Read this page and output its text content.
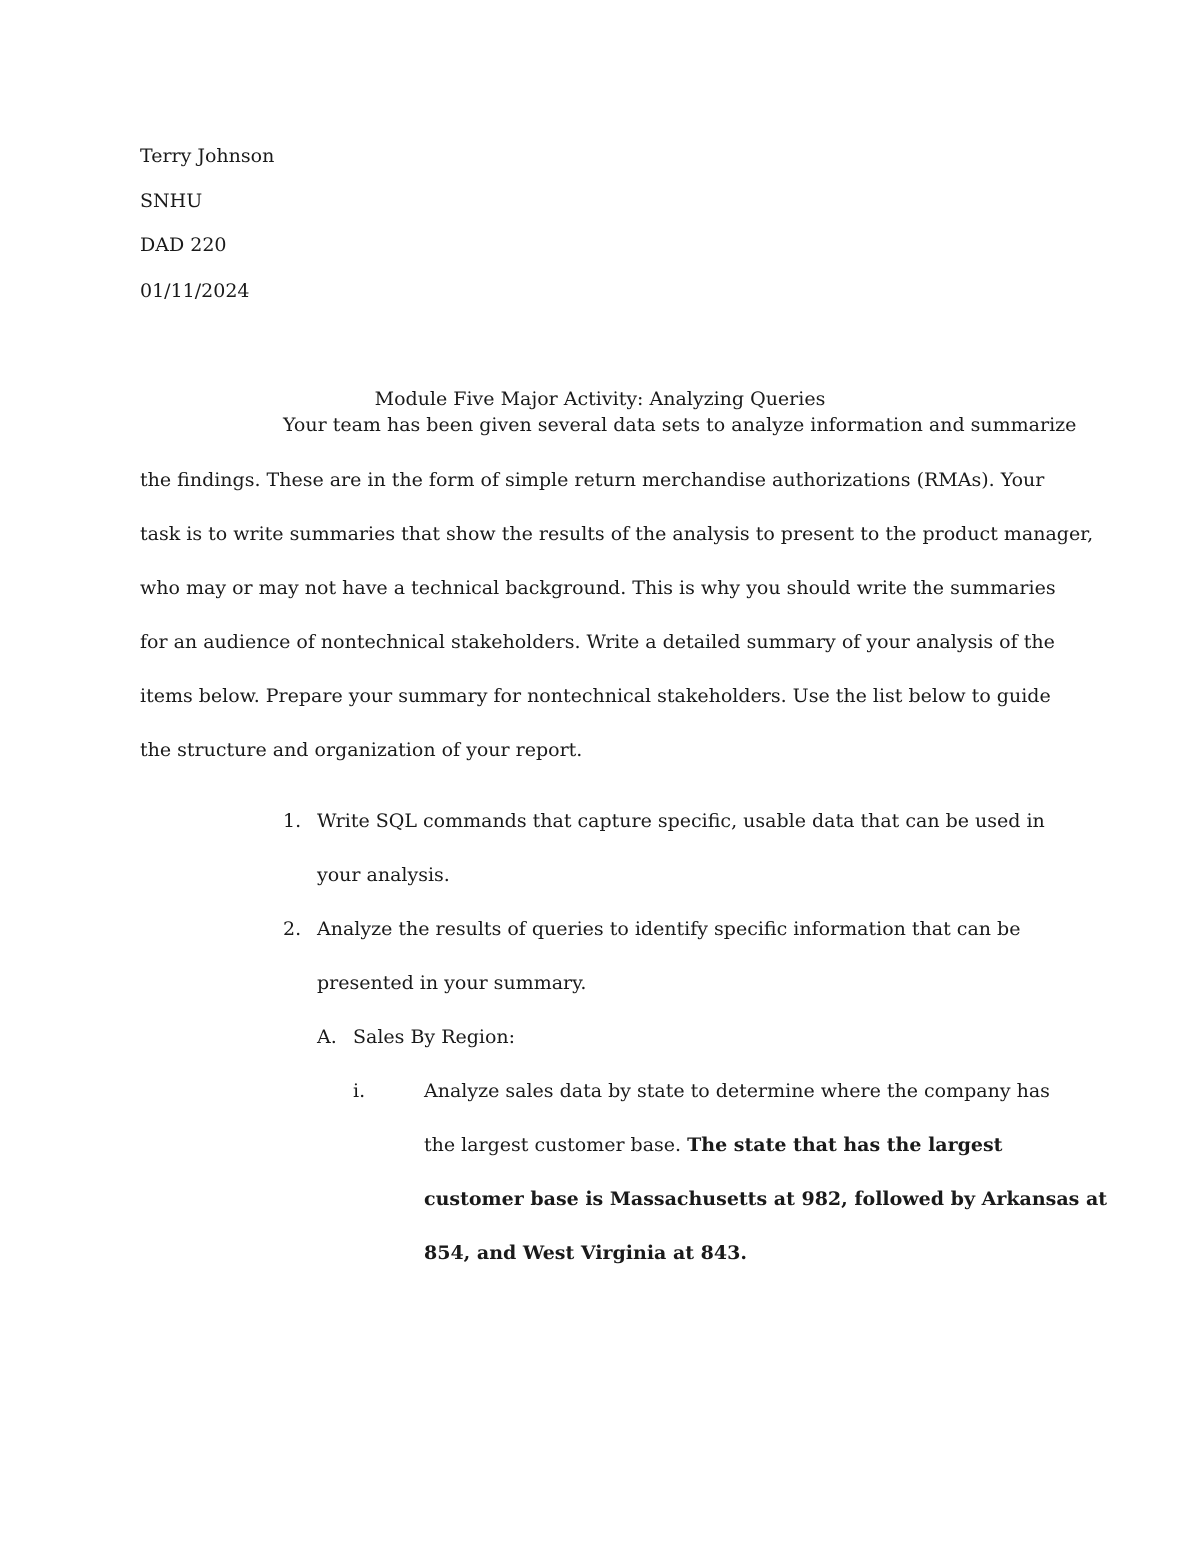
Terry Johnson

SNHU

DAD 220

01/11/2024

Module Five Major Activity: Analyzing Queries

Your team has been given several data sets to analyze information and summarize

the findings. These are in the form of simple return merchandise authorizations (RMAs). Your

task is to write summaries that show the results of the analysis to present to the product manager,

who may or may not have a technical background. This is why you should write the summaries

for an audience of nontechnical stakeholders. Write a detailed summary of your analysis of the

items below. Prepare your summary for nontechnical stakeholders. Use the list below to guide

the structure and organization of your report.

1. Write SQL commands that capture specific, usable data that can be used in

your analysis.

2. Analyze the results of queries to identify specific information that can be

presented in your summary.

A. Sales By Region:

i.	Analyze sales data by state to determine where the company has

the largest customer base. The state that has the largest

customer base is Massachusetts at 982, followed by Arkansas at

854, and West Virginia at 843.
